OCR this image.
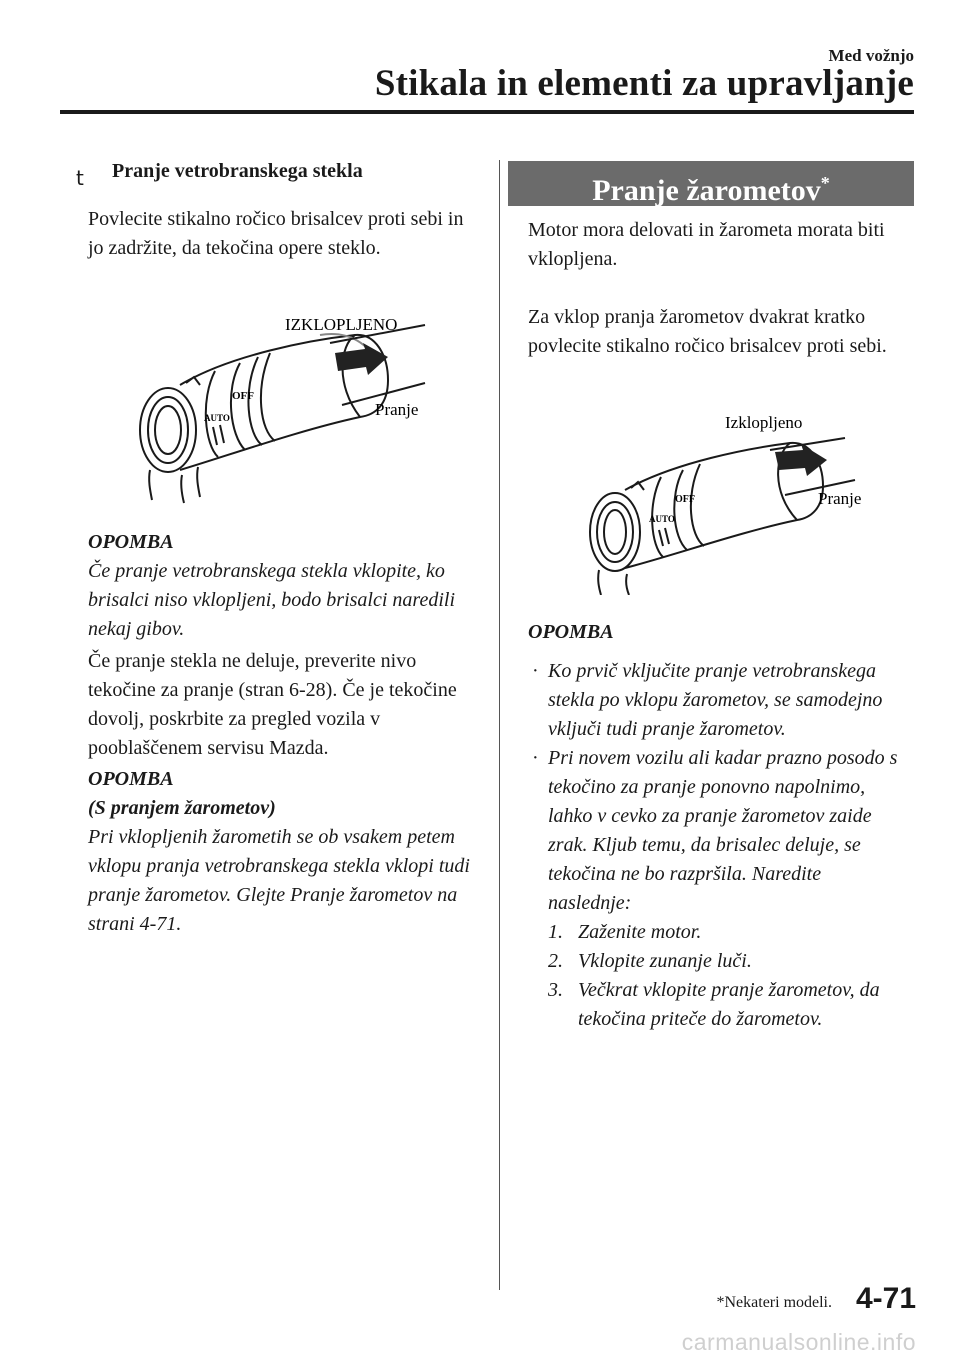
Med vožnjo
Stikala in elementi za upravljanje
t Pranje vetrobranskega stekla

Povlecite stikalno ročico brisalcev proti sebi in jo zadržite, da tekočina opere steklo.

OFF
AUTO
IZKLOPLJENO
Pranje

OPOMBA

Če pranje vetrobranskega stekla vklopite, ko brisalci niso vklopljeni, bodo brisalci naredili nekaj gibov.

Če pranje stekla ne deluje, preverite nivo tekočine za pranje (stran 6-28). Če je tekočine dovolj, poskrbite za pregled vozila v pooblaščenem servisu Mazda.

OPOMBA

(S pranjem žarometov)

Pri vklopljenih žarometih se ob vsakem petem vklopu pranja vetrobranskega stekla vklopi tudi pranje žarometov. Glejte Pranje žarometov na strani 4-71.

Pranje žarometov*

Motor mora delovati in žarometa morata biti vklopljena.

Za vklop pranja žarometov dvakrat kratko povlecite stikalno ročico brisalcev proti sebi.

OFF
AUTO
Izklopljeno
Pranje

OPOMBA

· Ko prvič vključite pranje vetrobranskega stekla po vklopu žarometov, se samodejno vključi tudi pranje žarometov.
· Pri novem vozilu ali kadar prazno posodo s tekočino za pranje ponovno napolnimo, lahko v cevko za pranje žarometov zaide zrak. Kljub temu, da brisalec deluje, se tekočina ne bo razpršila. Naredite naslednje:
1. Zaženite motor.
2. Vklopite zunanje luči.
3. Večkrat vklopite pranje žarometov, da tekočina priteče do žarometov.
*Nekateri modeli. 4-71
carmanualsonline.info
